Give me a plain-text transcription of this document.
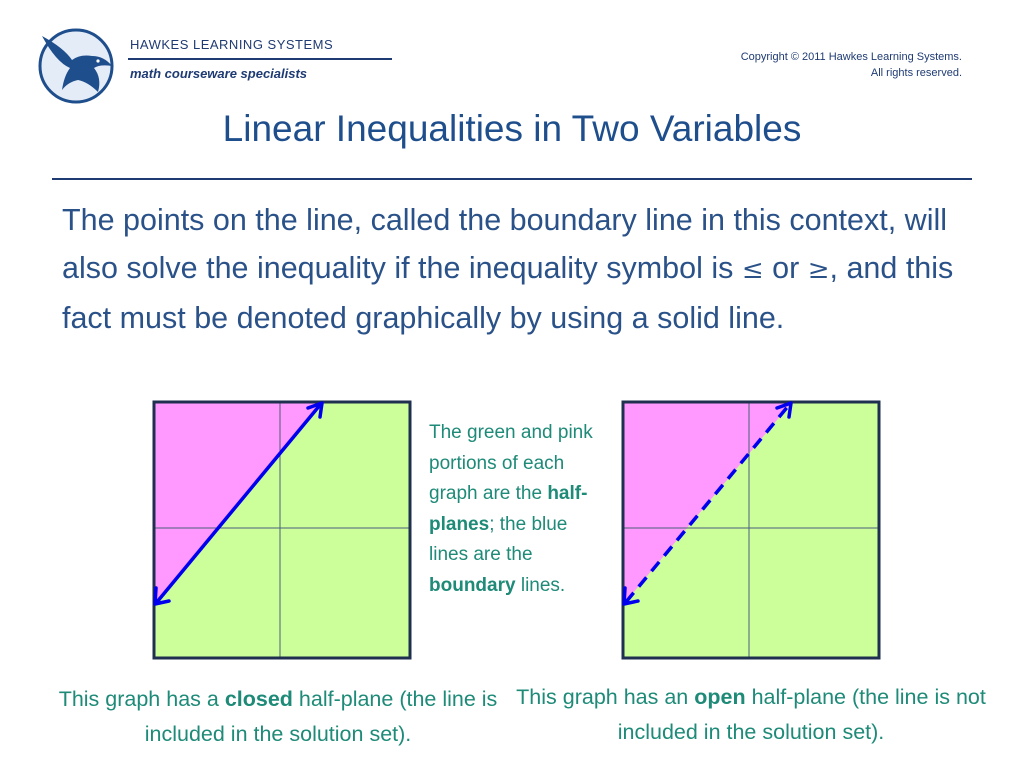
HAWKES LEARNING SYSTEMS
math courseware specialists
Copyright © 2011 Hawkes Learning Systems.
All rights reserved.
Linear Inequalities in Two Variables
The points on the line, called the boundary line in this context, will also solve the inequality if the inequality symbol is ≤ or ≥, and this fact must be denoted graphically by using a solid line.
The green and pink portions of each graph are the half-planes; the blue lines are the boundary lines.
This graph has a closed half-plane (the line is included in the solution set).
This graph has an open half-plane (the line is not included in the solution set).
